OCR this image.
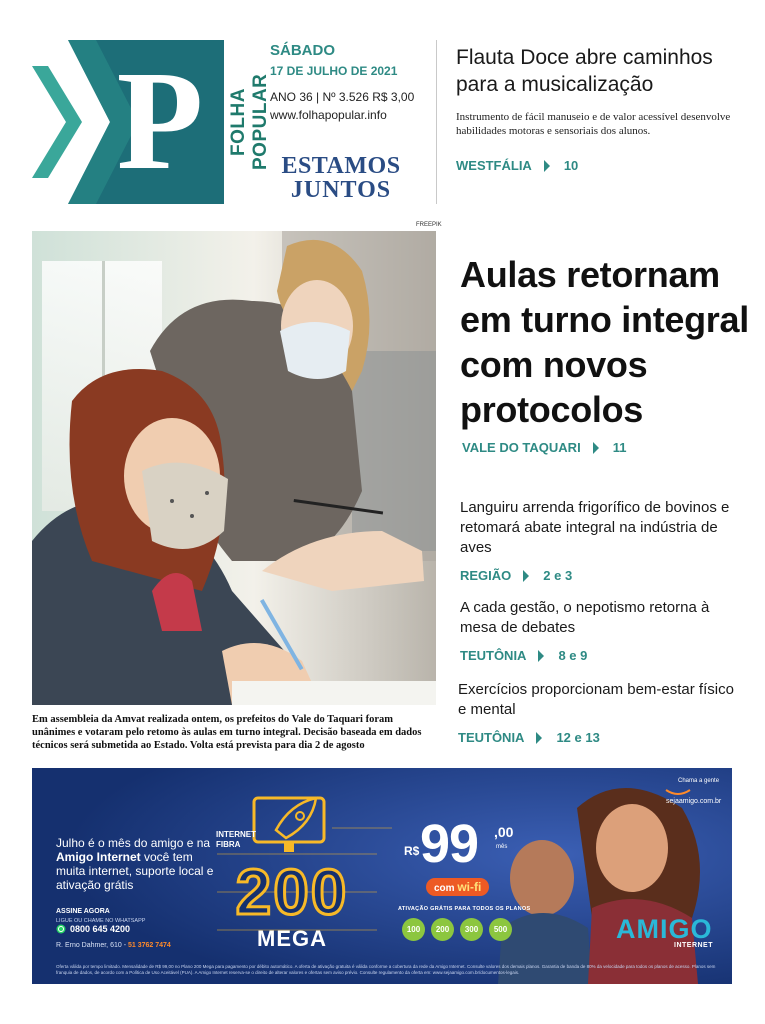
P FOLHA POPULAR
SÁBADO
17 DE JULHO DE 2021
ANO 36 | Nº 3.526 R$ 3,00
www.folhapopular.info
ESTAMOS
JUNTOS
Flauta Doce abre caminhos para a musicalização
Instrumento de fácil manuseio e de valor acessível desenvolve habilidades motoras e sensoriais dos alunos.
WESTFÁLIA 10
FREEPIK
Em assembleia da Amvat realizada ontem, os prefeitos do Vale do Taquari foram unânimes e votaram pelo retomo às aulas em turno integral. Decisão baseada em dados técnicos será submetida ao Estado. Volta está prevista para dia 2 de agosto
Aulas retornam em turno integral com novos protocolos
VALE DO TAQUARI 11
Languiru arrenda frigorífico de bovinos e retomará abate integral na indústria de aves
REGIÃO 2 e 3
A cada gestão, o nepotismo retorna à mesa de debates
TEUTÔNIA 8 e 9
Exercícios proporcionam bem-estar físico e mental
TEUTÔNIA 12 e 13
Julho é o mês do amigo e na Amigo Internet você tem muita internet, suporte local e ativação grátis
ASSINE AGORA
LIGUE OU CHAME NO WHATSAPP
0800 645 4200
R. Erno Dahmer, 610 - 51 3762 7474
INTERNET
FIBRA
200
MEGA
R$ 99 ,00
mês
com wi-fi
ATIVAÇÃO GRÁTIS PARA TODOS OS PLANOS
100	200	300	500
Chama a gente
sejaamigo.com.br
AMIGO
INTERNET
Oferta válida por tempo limitado. Mensalidade de R$ 99,00 no Plano 200 Mega para pagamento por débito automático. A oferta de ativação gratuita é válida conforme a cobertura da rede da Amigo Internet. Consulte valores dos demais planos. Garantia de banda de 80% da velocidade para todos os planos de acesso. Planos sem franquia de dados, de acordo com a Política de Uso Aceitável (PUA). A Amigo Internet reserva-se o direito de alterar valores e ofertas sem aviso prévio. Consulte regulamento da oferta em: www.sejaamigo.com.br/documentos-legais.
